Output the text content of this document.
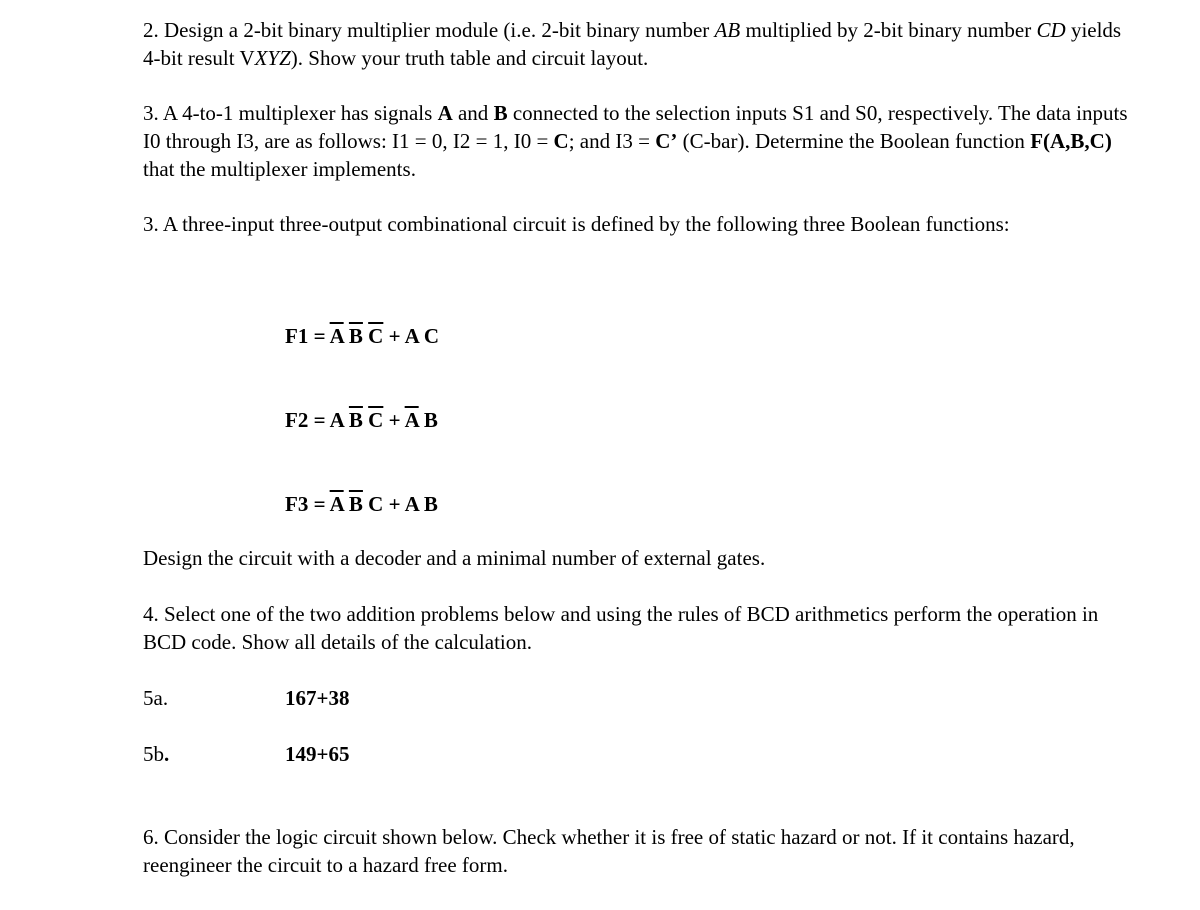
2. Design a 2-bit binary multiplier module (i.e. 2-bit binary number AB multiplied by 2-bit binary number CD yields 4-bit result VXYZ). Show your truth table and circuit layout.

3. A 4-to-1 multiplexer has signals A and B connected to the selection inputs S1 and S0, respectively. The data inputs I0 through I3, are as follows: I1 = 0, I2 = 1, I0 = C; and I3 = C’ (C-bar). Determine the Boolean function F(A,B,C) that the multiplexer implements.

3. A three-input three-output combinational circuit is defined by the following three Boolean functions:

$F1 = \overline{A}$ $\overline{B}$ $\overline{C} + A$ C
F2 = A $\overline{B}$ $\overline{C} + \overline{A}$ B
$F3 = \overline{A}$ $\overline{B}$ C + A B

Design the circuit with a decoder and a minimal number of external gates.

4. Select one of the two addition problems below and using the rules of BCD arithmetics perform the operation in BCD code. Show all details of the calculation.

5a.	167+38
5b.	149+65

6. Consider the logic circuit shown below. Check whether it is free of static hazard or not. If it contains hazard, reengineer the circuit to a hazard free form.
